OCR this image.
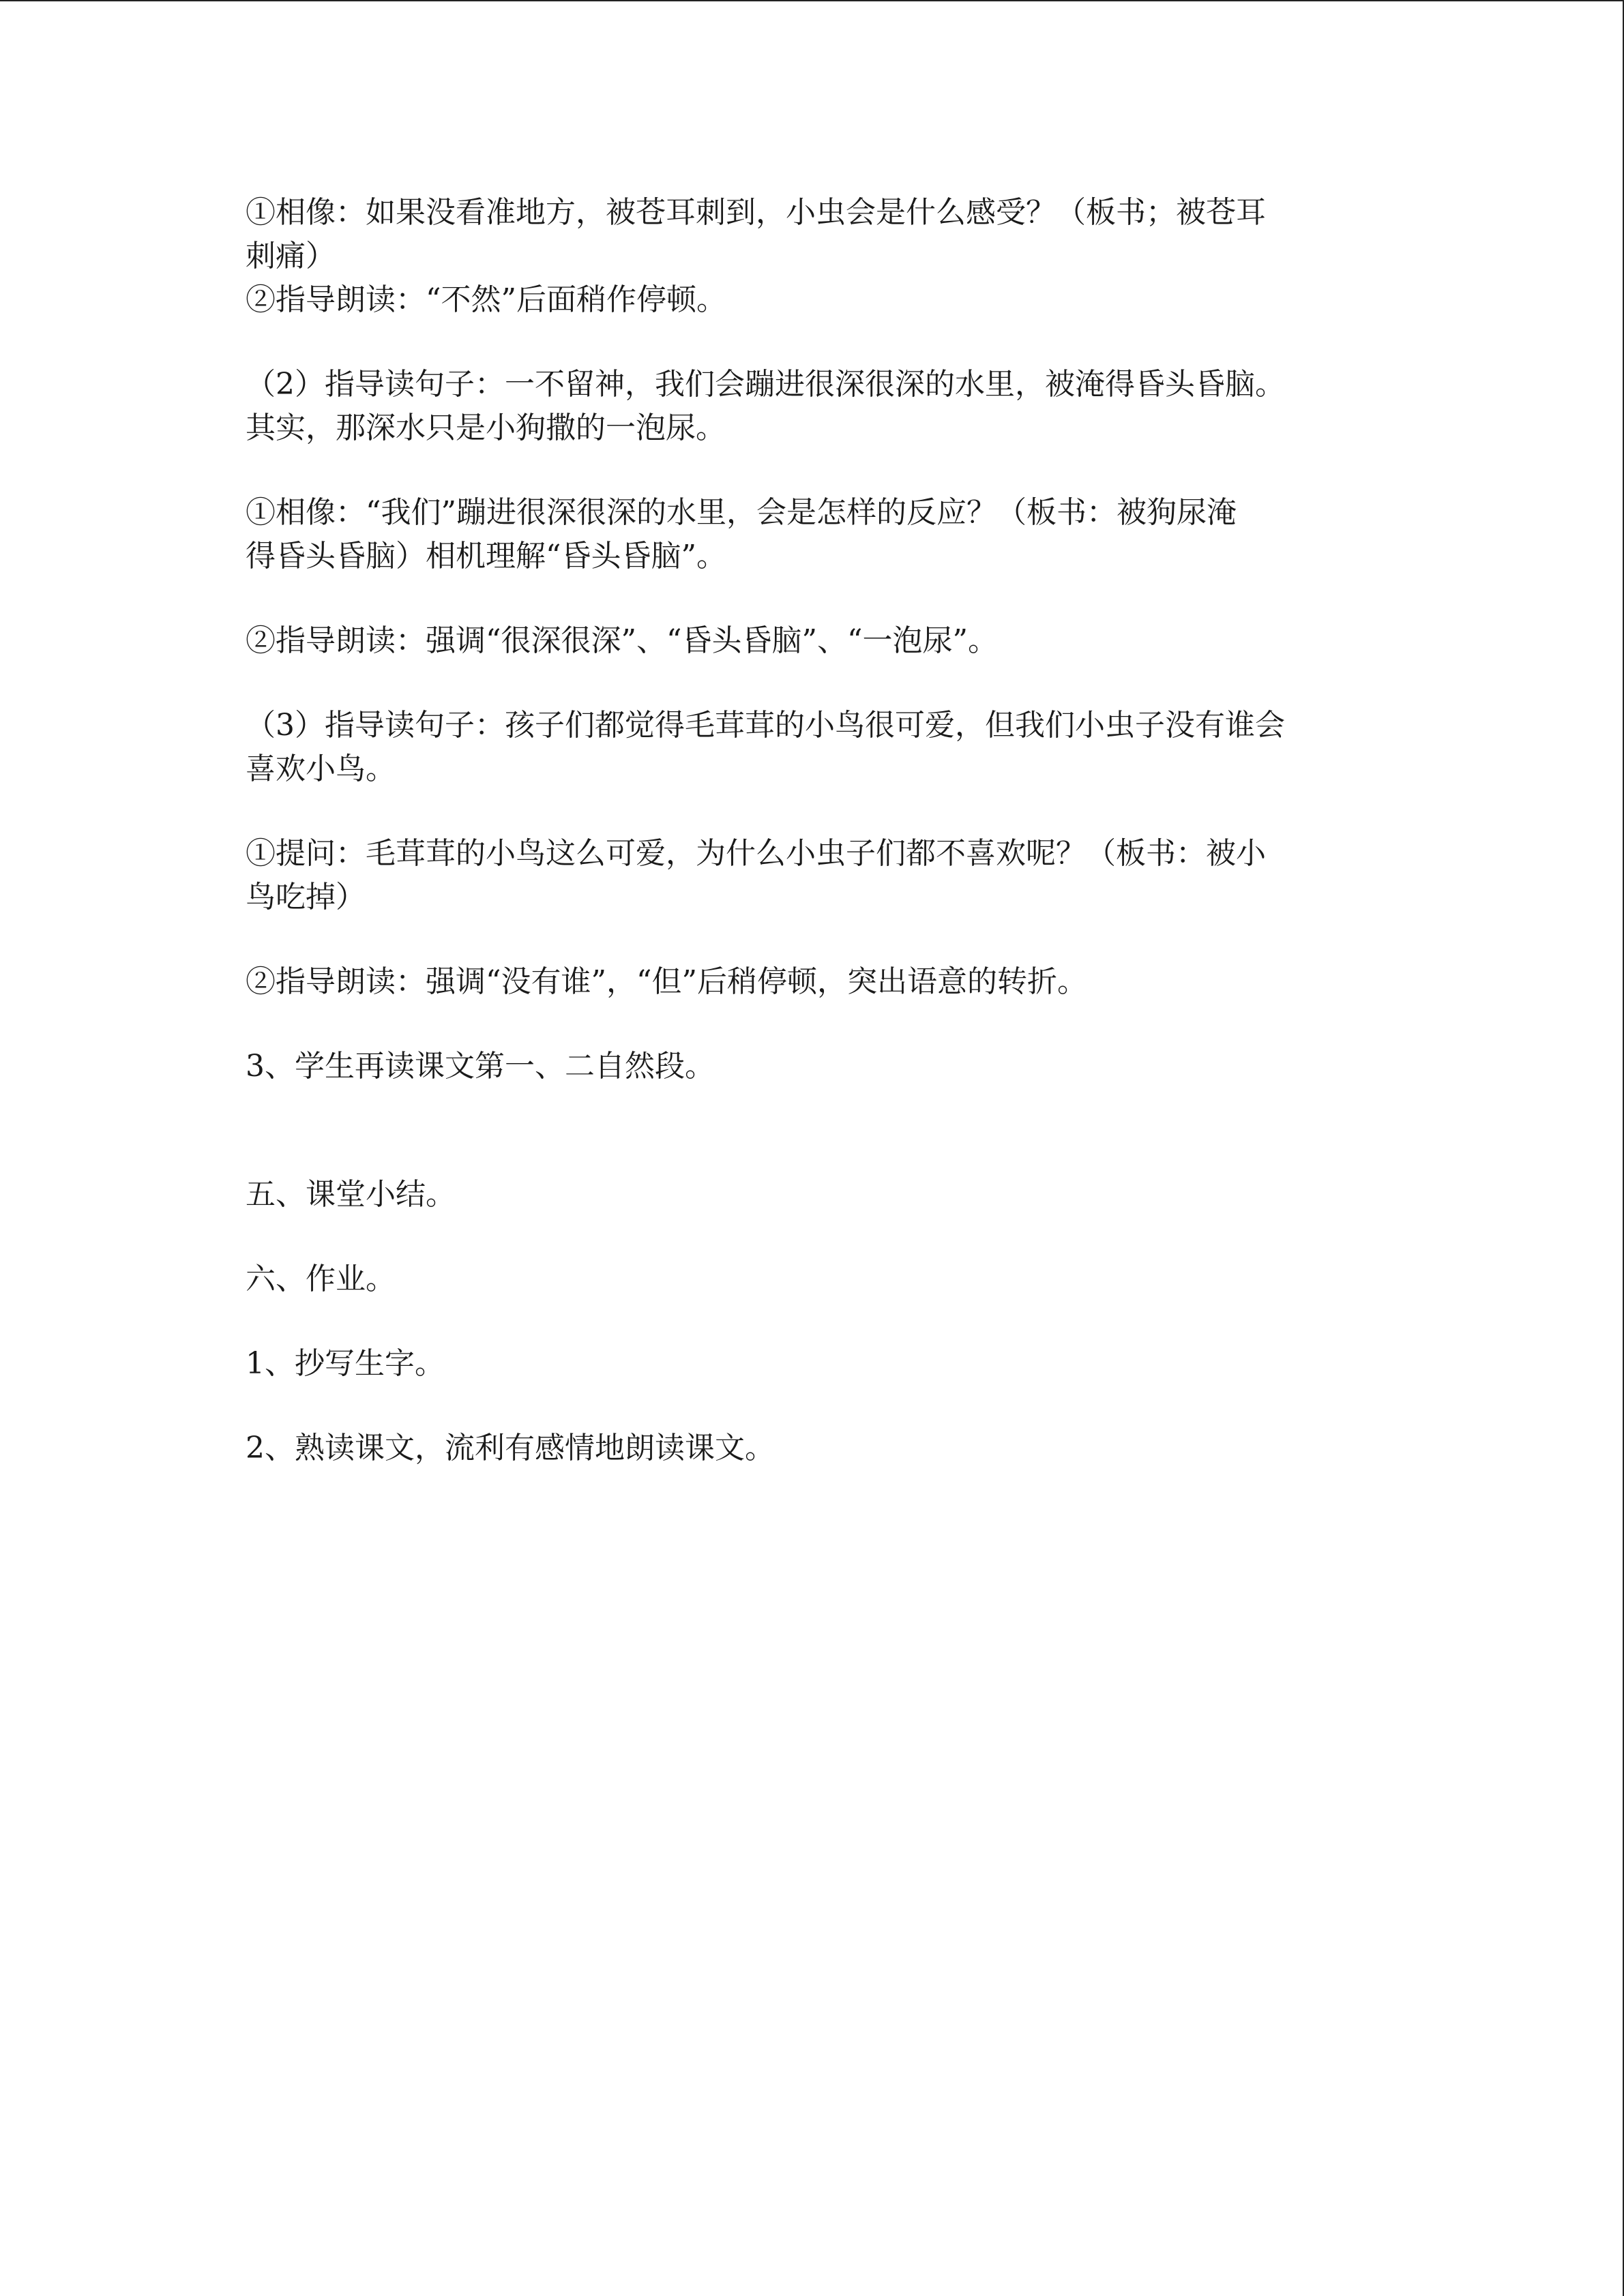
①相像：如果没看准地方，被苍耳刺到，小虫会是什么感受？（板书；被苍耳

刺痛）

②指导朗读：“不然”后面稍作停顿。

（2）指导读句子：一不留神，我们会蹦进很深很深的水里，被淹得昏头昏脑。

其实，那深水只是小狗撒的一泡尿。

①相像：“我们”蹦进很深很深的水里，会是怎样的反应？（板书：被狗尿淹

得昏头昏脑）相机理解“昏头昏脑”。

②指导朗读：强调“很深很深”、“昏头昏脑”、“一泡尿”。

（3）指导读句子：孩子们都觉得毛茸茸的小鸟很可爱，但我们小虫子没有谁会

喜欢小鸟。

①提问：毛茸茸的小鸟这么可爱，为什么小虫子们都不喜欢呢？（板书：被小

鸟吃掉）

②指导朗读：强调“没有谁”，“但”后稍停顿，突出语意的转折。

3、学生再读课文第一、二自然段。

五、课堂小结。

六、作业。

1、抄写生字。

2、熟读课文，流利有感情地朗读课文。
